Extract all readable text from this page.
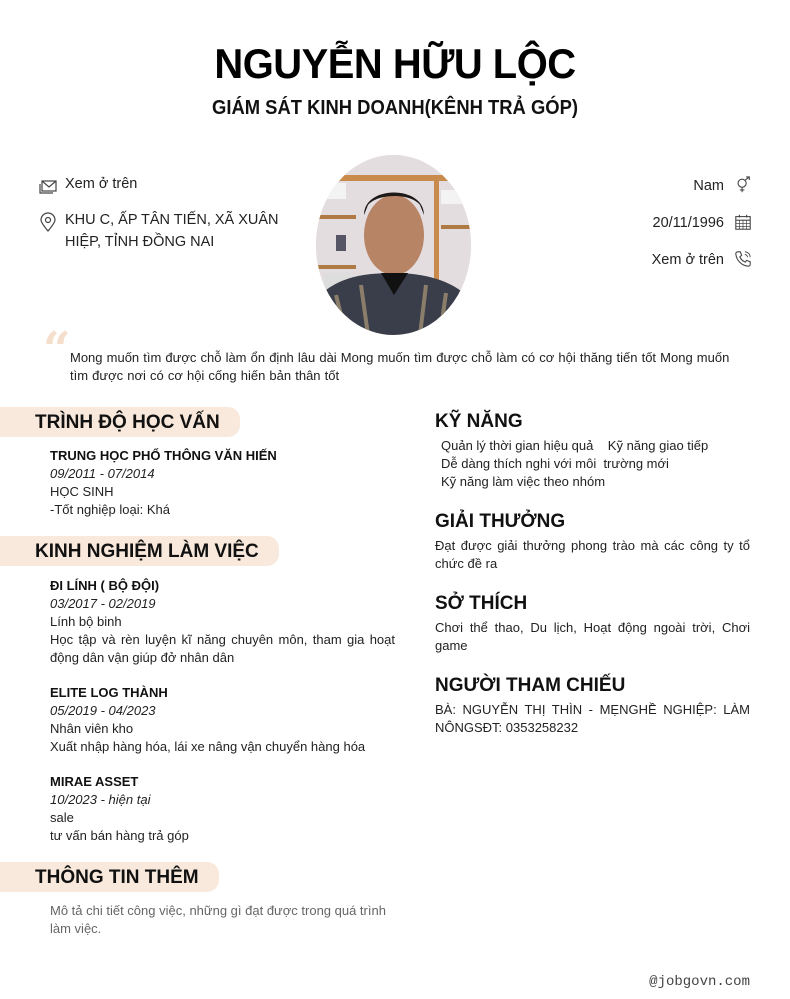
NGUYỄN HỮU LỘC
GIÁM SÁT KINH DOANH(KÊNH TRẢ GÓP)
Xem ở trên
KHU C, ẤP TÂN TIẾN, XÃ XUÂN HIỆP, TỈNH ĐỒNG NAI
Nam
20/11/1996
Xem ở trên
“ Mong muốn tìm được chỗ làm ổn định lâu dài Mong muốn tìm được chỗ làm có cơ hội thăng tiến tốt Mong muốn tìm được nơi có cơ hội cống hiến bản thân tốt
TRÌNH ĐỘ HỌC VẤN
TRUNG HỌC PHỔ THÔNG VĂN HIẾN
09/2011 - 07/2014
HỌC SINH
-Tốt nghiệp loại: Khá
KINH NGHIỆM LÀM VIỆC
ĐI LÍNH ( BỘ ĐỘI)
03/2017 - 02/2019
Lính bộ binh
Học tập và rèn luyện kĩ năng chuyên môn, tham gia hoạt động dân vận giúp đở nhân dân
ELITE LOG THÀNH
05/2019 - 04/2023
Nhân viên kho
Xuất nhập hàng hóa, lái xe nâng vận chuyển hàng hóa
MIRAE ASSET
10/2023 - hiện tại
sale
tư vấn bán hàng trả góp
THÔNG TIN THÊM
Mô tả chi tiết công việc, những gì đạt được trong quá trình làm việc.
KỸ NĂNG
Quản lý thời gian hiệu quả    Kỹ năng giao tiếp
Dễ dàng thích nghi với môi  trường mới
Kỹ năng làm việc theo nhóm
GIẢI THƯỞNG
Đạt được giải thưởng phong trào mà các công ty tổ chức đề ra
SỞ THÍCH
Chơi thể thao, Du lịch, Hoạt động ngoài trời, Chơi game
NGƯỜI THAM CHIẾU
BÀ: NGUYỄN THỊ THÌN - MẸNGHỀ NGHIỆP: LÀM NÔNGSĐT: 0353258232
@jobgovn.com
